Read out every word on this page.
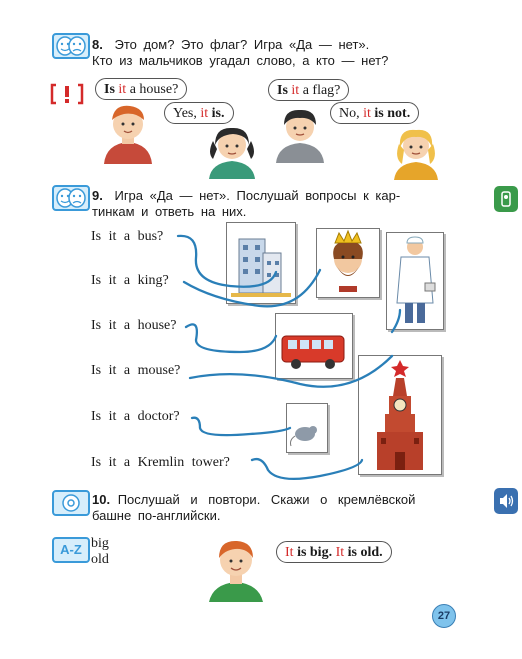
8. Это дом? Это флаг? Игра «Да — нет».
Кто из мальчиков угадал слово, а кто — нет?
Is it a house?
Yes, it is.
Is it a flag?
No, it is not.
9. Игра «Да — нет». Послушай вопросы к кар-
тинкам и ответь на них.
Is it a bus?
Is it a king?
Is it a house?
Is it a mouse?
Is it a doctor?
Is it a Kremlin tower?
10. Послушай и повтори. Скажи о кремлёвской
башне по-английски.
A-Z big
old	It is big. It is old.
27
